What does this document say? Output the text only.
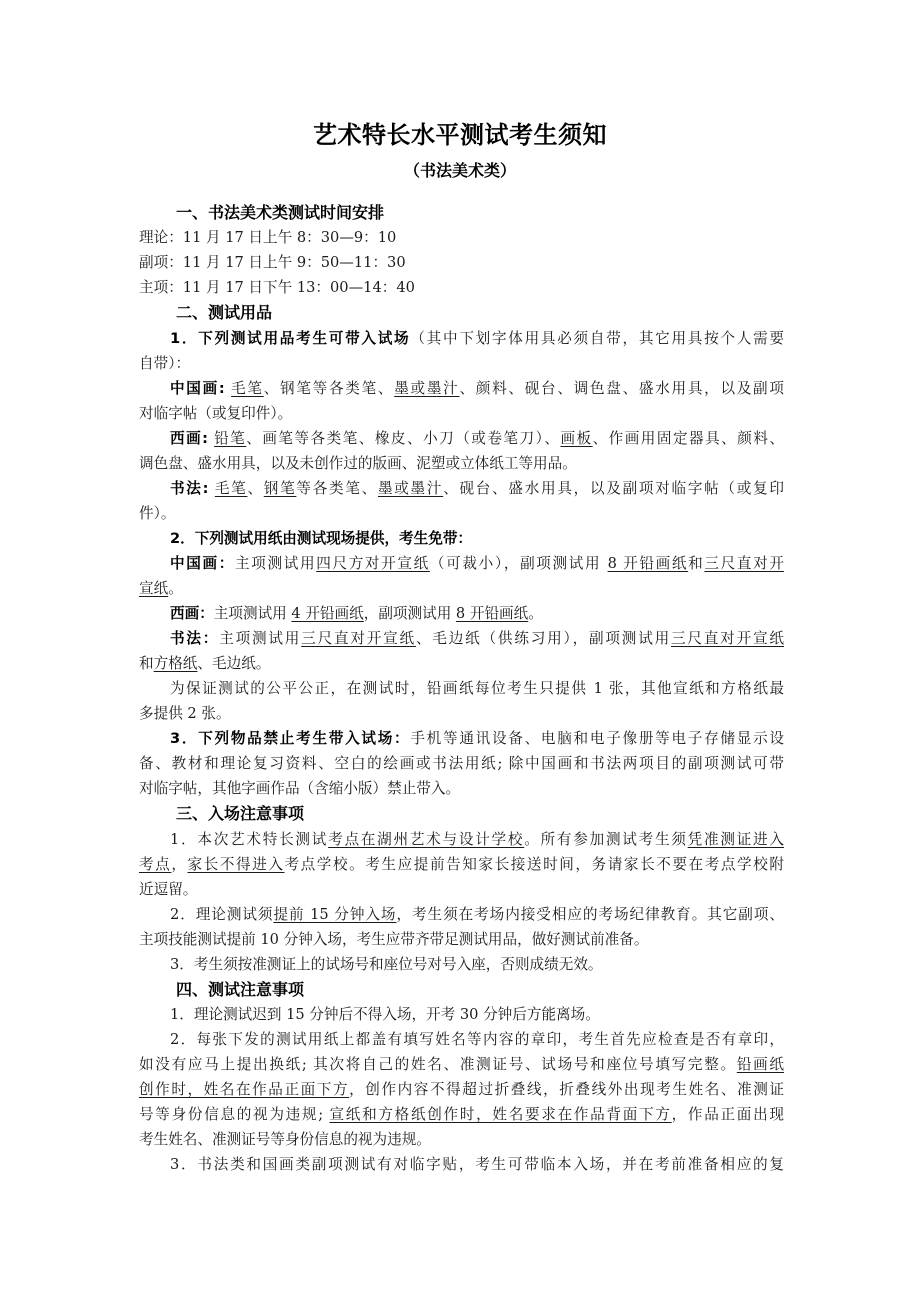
艺术特长水平测试考生须知
（书法美术类）
一、书法美术类测试时间安排
理论：11 月 17 日上午 8：30—9：10
副项：11 月 17 日上午 9：50—11：30
主项：11 月 17 日下午 13：00—14：40
二、测试用品
1．下列测试用品考生可带入试场（其中下划字体用具必须自带，其它用具按个人需要
自带）：
中国画: 毛笔、钢笔等各类笔、墨或墨汁、颜料、砚台、调色盘、盛水用具，以及副项
对临字帖（或复印件）。
西画: 铅笔、画笔等各类笔、橡皮、小刀（或卷笔刀）、画板、作画用固定器具、颜料、
调色盘、盛水用具，以及未创作过的版画、泥塑或立体纸工等用品。
书法: 毛笔、钢笔等各类笔、墨或墨汁、砚台、盛水用具，以及副项对临字帖（或复印
件）。
2．下列测试用纸由测试现场提供，考生免带：
中国画：主项测试用四尺方对开宣纸（可裁小），副项测试用 8 开铅画纸和三尺直对开
宣纸。
西画：主项测试用 4 开铅画纸，副项测试用 8 开铅画纸。
书法：主项测试用三尺直对开宣纸、毛边纸（供练习用），副项测试用三尺直对开宣纸
和方格纸、毛边纸。
为保证测试的公平公正，在测试时，铅画纸每位考生只提供 1 张，其他宣纸和方格纸最
多提供 2 张。
3．下列物品禁止考生带入试场：手机等通讯设备、电脑和电子像册等电子存储显示设
备、教材和理论复习资料、空白的绘画或书法用纸; 除中国画和书法两项目的副项测试可带
对临字帖，其他字画作品（含缩小版）禁止带入。
三、入场注意事项
1．本次艺术特长测试考点在湖州艺术与设计学校。所有参加测试考生须凭准测证进入
考点，家长不得进入考点学校。考生应提前告知家长接送时间，务请家长不要在考点学校附
近逗留。
2．理论测试须提前 15 分钟入场，考生须在考场内接受相应的考场纪律教育。其它副项、
主项技能测试提前 10 分钟入场，考生应带齐带足测试用品，做好测试前准备。
3．考生须按准测证上的试场号和座位号对号入座，否则成绩无效。
四、测试注意事项
1．理论测试迟到 15 分钟后不得入场，开考 30 分钟后方能离场。
2．每张下发的测试用纸上都盖有填写姓名等内容的章印，考生首先应检查是否有章印，
如没有应马上提出换纸; 其次将自己的姓名、准测证号、试场号和座位号填写完整。铅画纸
创作时，姓名在作品正面下方，创作内容不得超过折叠线，折叠线外出现考生姓名、准测证
号等身份信息的视为违规; 宣纸和方格纸创作时，姓名要求在作品背面下方，作品正面出现
考生姓名、准测证号等身份信息的视为违规。
3．书法类和国画类副项测试有对临字贴，考生可带临本入场，并在考前准备相应的复
